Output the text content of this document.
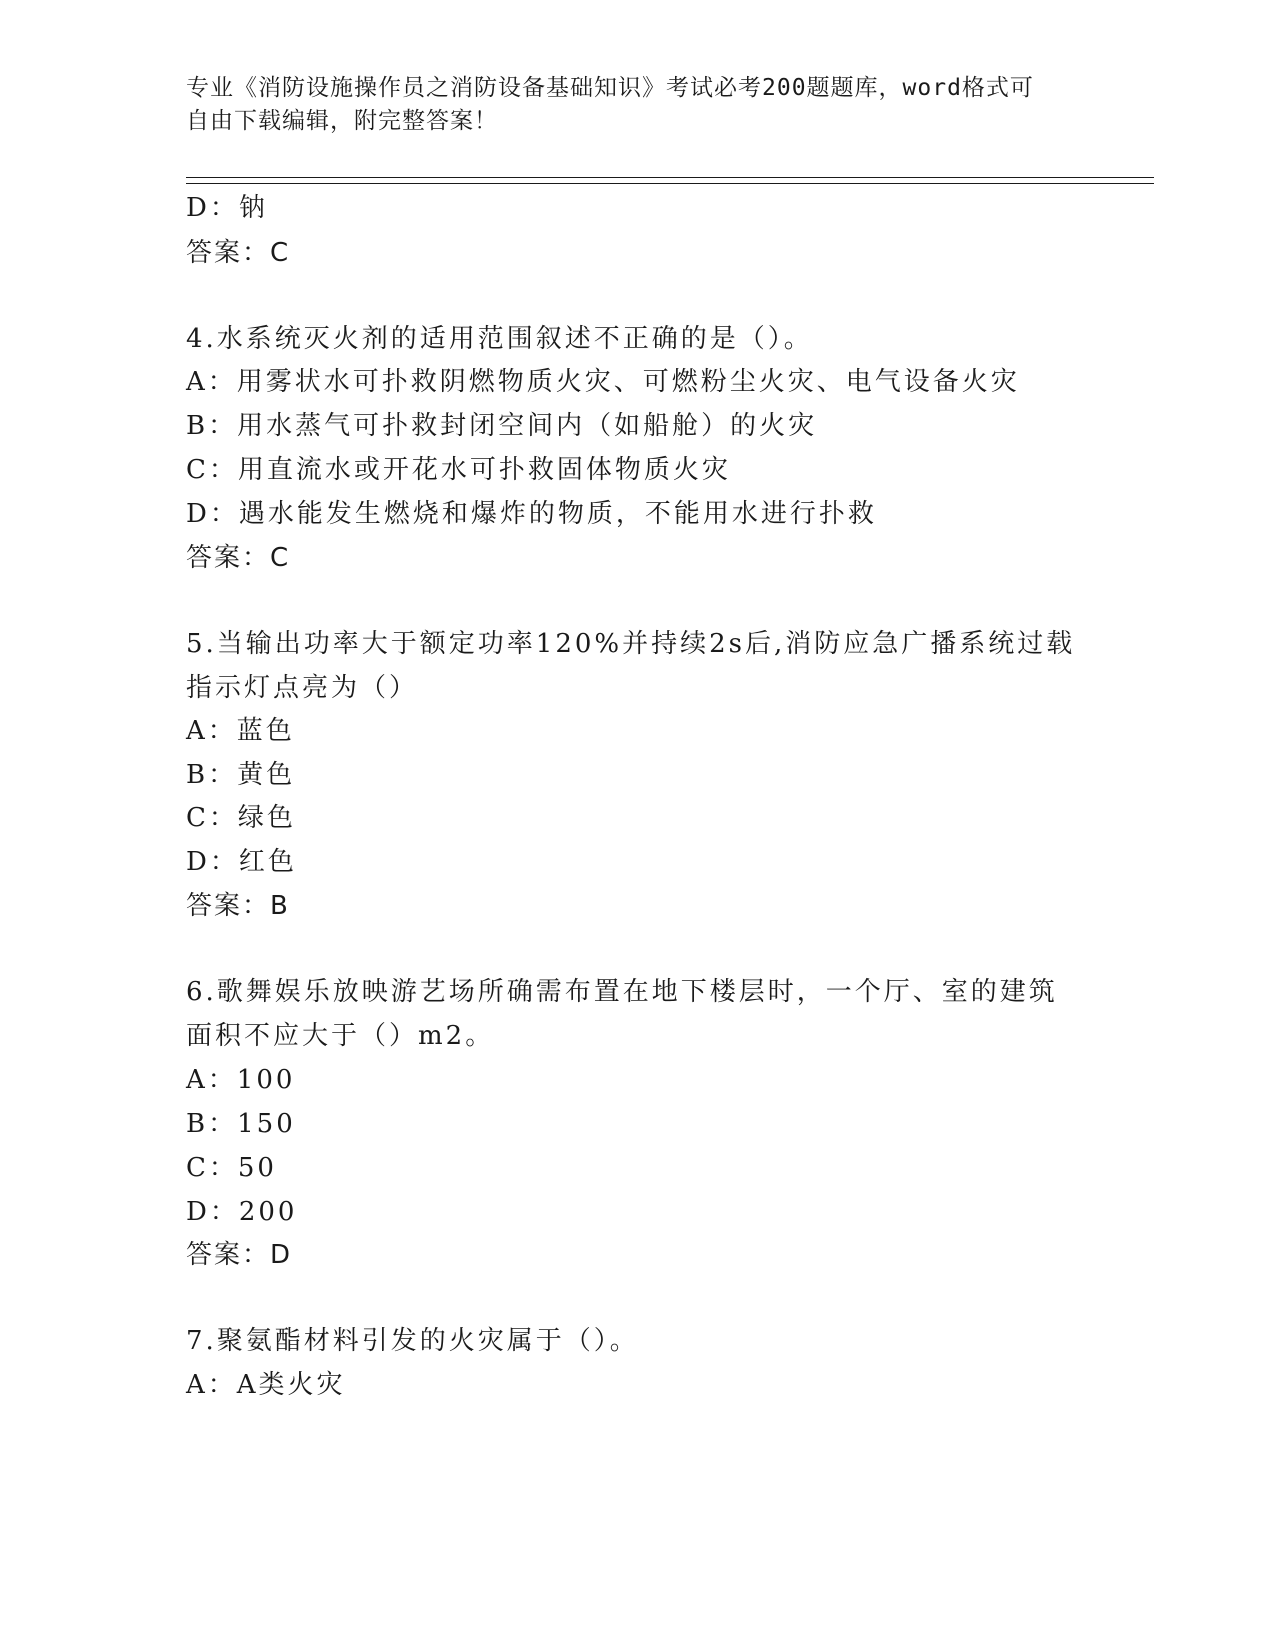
专业《消防设施操作员之消防设备基础知识》考试必考200题题库，word格式可
自由下载编辑，附完整答案！
D：钠
答案：C
4.水系统灭火剂的适用范围叙述不正确的是（）。
A：用雾状水可扑救阴燃物质火灾、可燃粉尘火灾、电气设备火灾
B：用水蒸气可扑救封闭空间内（如船舱）的火灾
C：用直流水或开花水可扑救固体物质火灾
D：遇水能发生燃烧和爆炸的物质，不能用水进行扑救
答案：C
5.当输出功率大于额定功率120%并持续2s后,消防应急广播系统过载
指示灯点亮为（）
A：蓝色
B：黄色
C：绿色
D：红色
答案：B
6.歌舞娱乐放映游艺场所确需布置在地下楼层时，一个厅、室的建筑
面积不应大于（）m2。
A：100
B：150
C：50
D：200
答案：D
7.聚氨酯材料引发的火灾属于（）。
A：A类火灾
